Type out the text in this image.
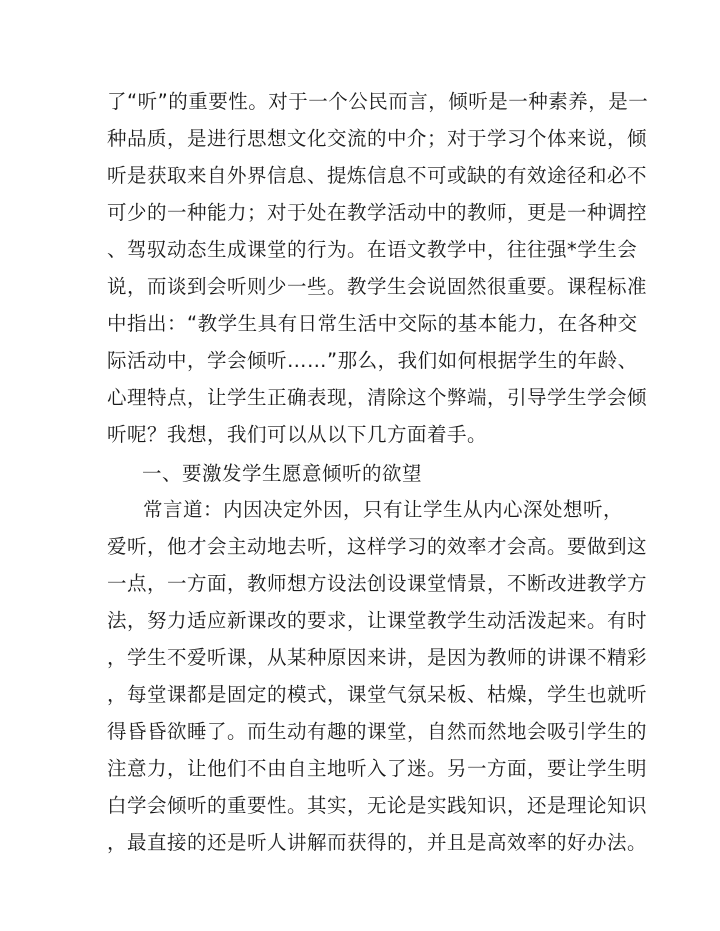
了“听”的重要性。对于一个公民而言，倾听是一种素养，是一
种品质，是进行思想文化交流的中介；对于学习个体来说，倾
听是获取来自外界信息、提炼信息不可或缺的有效途径和必不
可少的一种能力；对于处在教学活动中的教师，更是一种调控
、驾驭动态生成课堂的行为。在语文教学中，往往强*学生会
说，而谈到会听则少一些。教学生会说固然很重要。课程标准
中指出：“教学生具有日常生活中交际的基本能力，在各种交
际活动中，学会倾听……”那么，我们如何根据学生的年龄、
心理特点，让学生正确表现，清除这个弊端，引导学生学会倾
听呢？我想，我们可以从以下几方面着手。
一、要激发学生愿意倾听的欲望
常言道：内因决定外因，只有让学生从内心深处想听，
爱听，他才会主动地去听，这样学习的效率才会高。要做到这
一点，一方面，教师想方设法创设课堂情景，不断改进教学方
法，努力适应新课改的要求，让课堂教学生动活泼起来。有时
，学生不爱听课，从某种原因来讲，是因为教师的讲课不精彩
，每堂课都是固定的模式，课堂气氛呆板、枯燥，学生也就听
得昏昏欲睡了。而生动有趣的课堂，自然而然地会吸引学生的
注意力，让他们不由自主地听入了迷。另一方面，要让学生明
白学会倾听的重要性。其实，无论是实践知识，还是理论知识
，最直接的还是听人讲解而获得的，并且是高效率的好办法。
